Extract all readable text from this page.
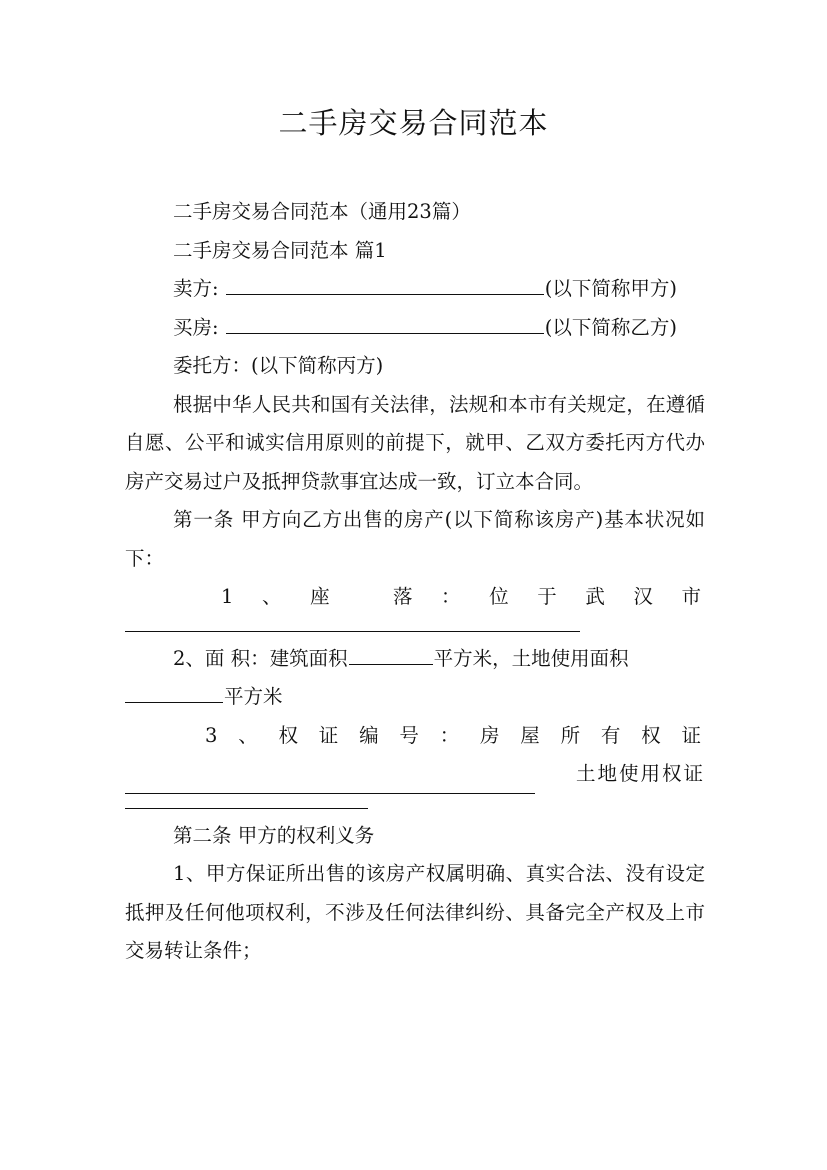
二手房交易合同范本

二手房交易合同范本（通用23篇）

二手房交易合同范本 篇1

卖方:	(以下简称甲方)

买房:	(以下简称乙方)

委托方：(以下简称丙方)

根据中华人民共和国有关法律，法规和本市有关规定，在遵循自愿、公平和诚实信用原则的前提下，就甲、乙双方委托丙方代办房产交易过户及抵押贷款事宜达成一致，订立本合同。

第一条 甲方向乙方出售的房产(以下简称该房产)基本状况如下：

1、座 落：位于武汉市

2、面 积：建筑面积	平方米，土地使用面积

平方米

3、权证编号：房屋所有权证

土地使用权证

第二条 甲方的权利义务

1、甲方保证所出售的该房产权属明确、真实合法、没有设定抵押及任何他项权利，不涉及任何法律纠纷、具备完全产权及上市交易转让条件；
